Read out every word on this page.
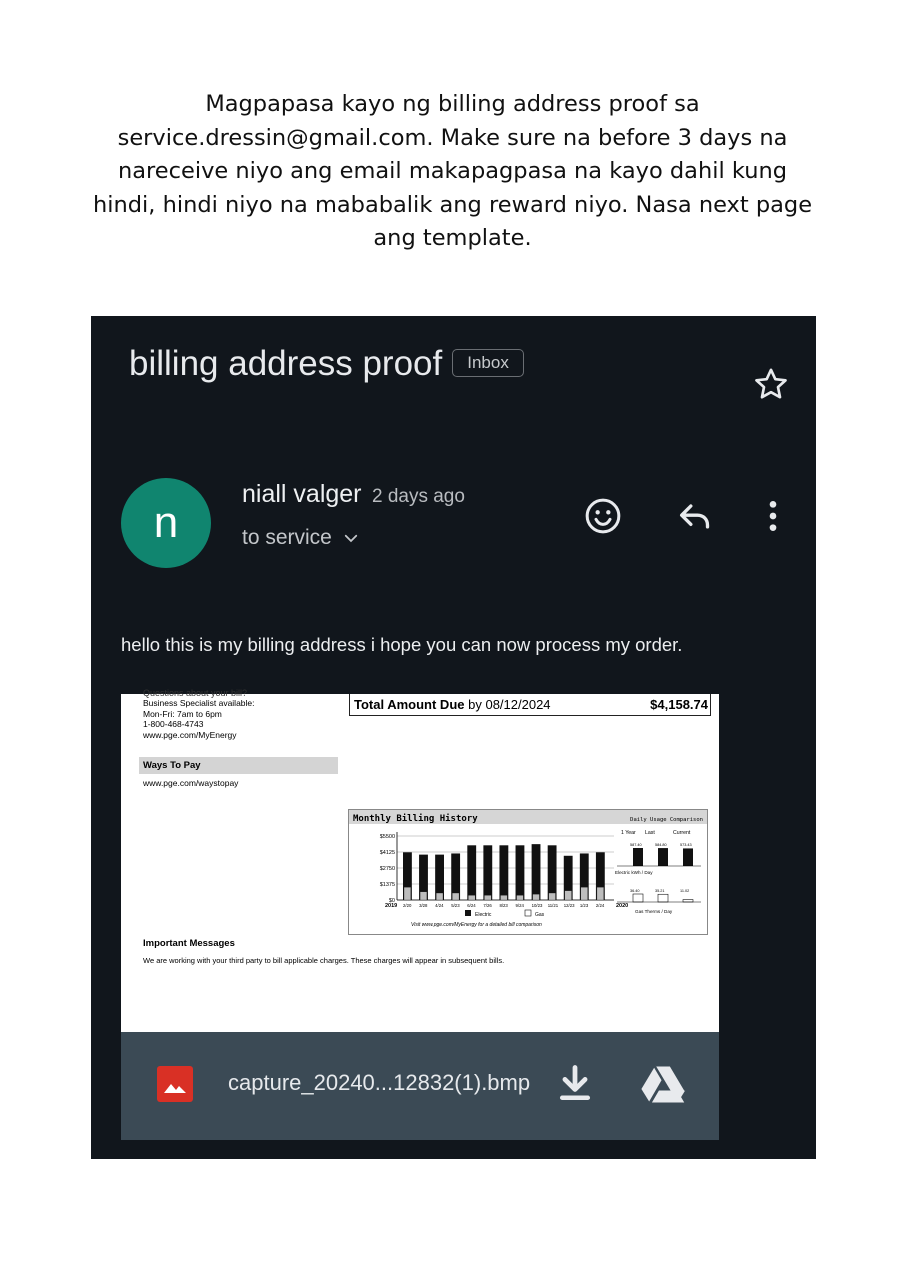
Magpapasa kayo ng billing address proof sa service.dressin@gmail.com. Make sure na before 3 days na nareceive niyo ang email makapagpasa na kayo dahil kung hindi, hindi niyo na mababalik ang reward niyo. Nasa next page ang template.
billing address proof	Inbox
n
niall valger 2 days ago
to service
hello this is my billing address i hope you can now process my order.
Questions about your bill?
Business Specialist available:
Mon-Fri: 7am to 6pm
1-800-468-4743
www.pge.com/MyEnergy
Ways To Pay
www.pge.com/waystopay
Total Amount Due by 08/12/2024	$4,158.74
Monthly Billing History	Daily Usage Comparison
$5500
$4125
$2750
$1375
$0
2019 2/20 3/28 4/24 5/23 6/24 7/26 8/23 9/24 10/23 11/21 12/23 1/23 2/24 2020
Electric	Gas
Visit www.pge.com/MyEnergy for a detailed bill comparison
1 Year Last	Current
587.40	584.80	573.43
Electric kWh / Day
36.40	35.21	11.02
Gas Therms / Day
Important Messages
We are working with your third party to bill applicable charges. These charges will appear in subsequent bills.
capture_20240...12832(1).bmp
